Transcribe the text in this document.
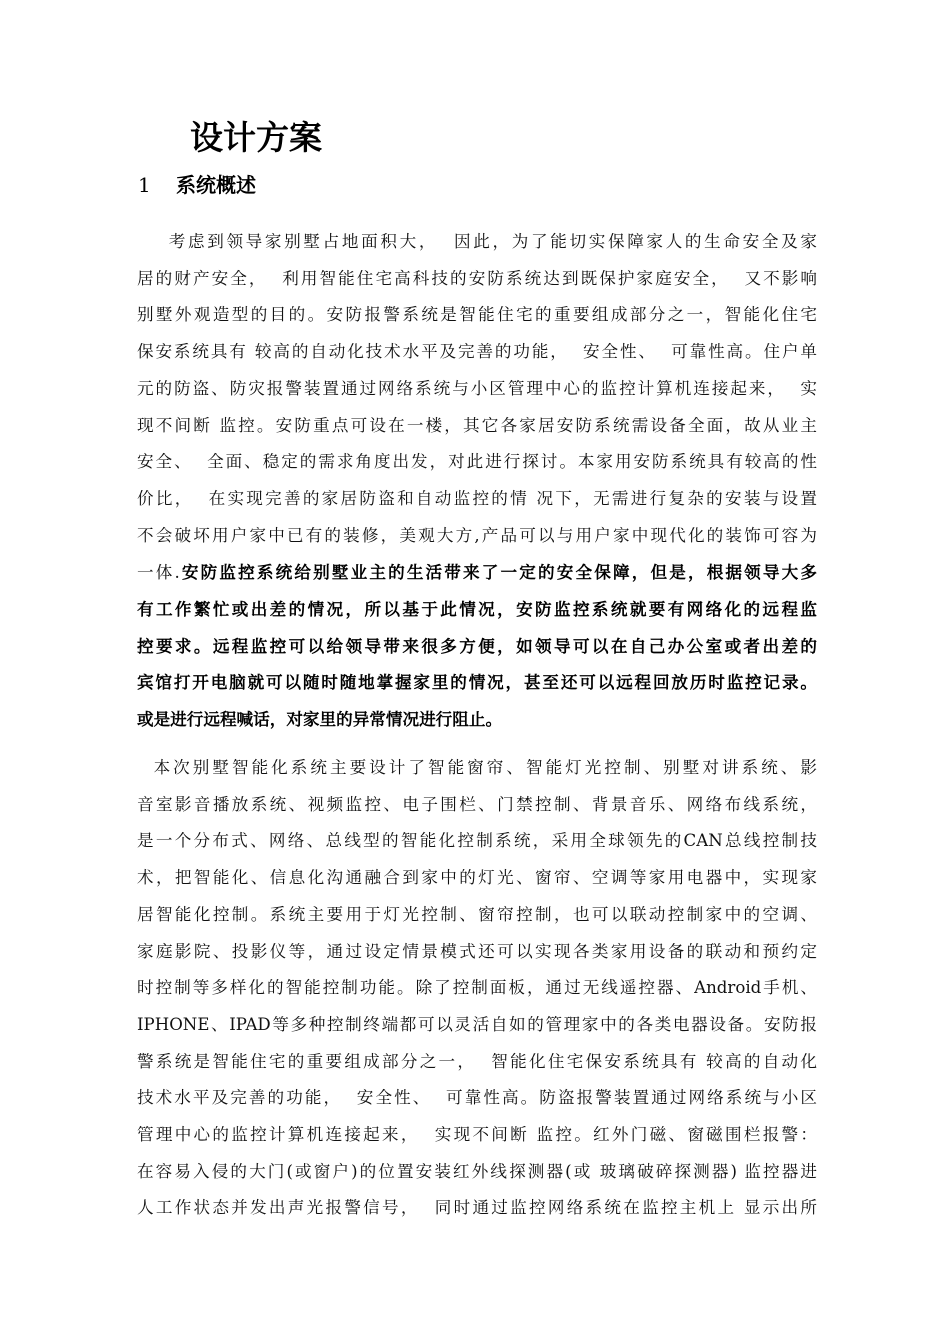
设计方案
1 系统概述
考虑到领导家别墅占地面积大，  因此，为了能切实保障家人的生命安全及家
居的财产安全，  利用智能住宅高科技的安防系统达到既保护家庭安全，  又不影响
别墅外观造型的目的。安防报警系统是智能住宅的重要组成部分之一，智能化住宅
保安系统具有 较高的自动化技术水平及完善的功能，  安全性、  可靠性高。住户单
元的防盗、防灾报警装置通过网络系统与小区管理中心的监控计算机连接起来，  实
现不间断 监控。安防重点可设在一楼，其它各家居安防系统需设备全面，故从业主
安全、  全面、稳定的需求角度出发，对此进行探讨。本家用安防系统具有较高的性
价比，  在实现完善的家居防盗和自动监控的情 况下，无需进行复杂的安装与设置
不会破坏用户家中已有的装修，美观大方,产品可以与用户家中现代化的装饰可容为
一体.安防监控系统给别墅业主的生活带来了一定的安全保障，但是，根据领导大多
有工作繁忙或出差的情况，所以基于此情况，安防监控系统就要有网络化的远程监
控要求。远程监控可以给领导带来很多方便，如领导可以在自己办公室或者出差的
宾馆打开电脑就可以随时随地掌握家里的情况，甚至还可以远程回放历时监控记录。
或是进行远程喊话，对家里的异常情况进行阻止。
本次别墅智能化系统主要设计了智能窗帘、智能灯光控制、别墅对讲系统、影
音室影音播放系统、视频监控、电子围栏、门禁控制、背景音乐、网络布线系统，
是一个分布式、网络、总线型的智能化控制系统，采用全球领先的CAN总线控制技
术，把智能化、信息化沟通融合到家中的灯光、窗帘、空调等家用电器中，实现家
居智能化控制。系统主要用于灯光控制、窗帘控制，也可以联动控制家中的空调、
家庭影院、投影仪等，通过设定情景模式还可以实现各类家用设备的联动和预约定
时控制等多样化的智能控制功能。除了控制面板，通过无线遥控器、Android手机、
IPHONE、IPAD等多种控制终端都可以灵活自如的管理家中的各类电器设备。安防报
警系统是智能住宅的重要组成部分之一，  智能化住宅保安系统具有 较高的自动化
技术水平及完善的功能，  安全性、  可靠性高。防盗报警装置通过网络系统与小区
管理中心的监控计算机连接起来，  实现不间断 监控。红外门磁、窗磁围栏报警：
在容易入侵的大门(或窗户)的位置安装红外线探测器(或 玻璃破碎探测器) 监控器进
人工作状态并发出声光报警信号，  同时通过监控网络系统在监控主机上 显示出所
